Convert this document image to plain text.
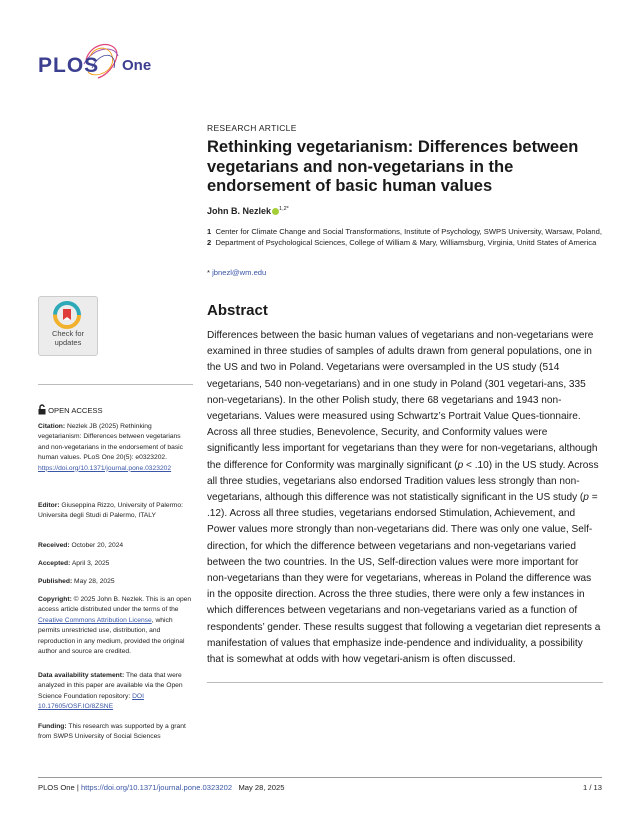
PLOS One
RESEARCH ARTICLE
Rethinking vegetarianism: Differences between vegetarians and non-vegetarians in the endorsement of basic human values
John B. Nezlek $^{1,2*}$
1 Center for Climate Change and Social Transformations, Institute of Psychology, SWPS University, Warsaw, Poland, 2 Department of Psychological Sciences, College of William & Mary, Williamsburg, Virginia, Unitd States of America
* jbnezl@wm.edu
Abstract
Differences between the basic human values of vegetarians and non-vegetarians were examined in three studies of samples of adults drawn from general populations, one in the US and two in Poland. Vegetarians were oversampled in the US study (514 vegetarians, 540 non-vegetarians) and in one study in Poland (301 vegetari-ans, 335 non-vegetarians). In the other Polish study, there 68 vegetarians and 1943 non-vegetarians. Values were measured using Schwartz’s Portrait Value Ques-tionnaire. Across all three studies, Benevolence, Security, and Conformity values were significantly less important for vegetarians than they were for non-vegetarians, although the difference for Conformity was marginally significant (p < .10) in the US study. Across all three studies, vegetarians also endorsed Tradition values less strongly than non-vegetarians, although this difference was not statistically significant in the US study (p = .12). Across all three studies, vegetarians endorsed Stimulation, Achievement, and Power values more strongly than non-vegetarians did. There was only one value, Self-direction, for which the difference between vegetarians and non-vegetarians varied between the two countries. In the US, Self-direction values were more important for non-vegetarians than they were for vegetarians, whereas in Poland the difference was in the opposite direction. Across the three studies, there were only a few instances in which differences between vegetarians and non-vegetarians varied as a function of respondents’ gender. These results suggest that following a vegetarian diet represents a manifestation of values that emphasize inde-pendence and individuality, a possibility that is somewhat at odds with how vegetari-anism is often discussed.
Check for
updates
OPEN ACCESS
Citation: Nezlek JB (2025) Rethinking vegetarianism: Differences between vegetarians and non-vegetarians in the endorsement of basic human values. PLoS One 20(5): e0323202. https://doi.org/10.1371/journal.pone.0323202
Editor: Giuseppina Rizzo, University of Palermo: Universita degli Studi di Palermo, ITALY
Received: October 20, 2024
Accepted: April 3, 2025
Published: May 28, 2025
Copyright: © 2025 John B. Nezlek. This is an open access article distributed under the terms of the Creative Commons Attribution License, which permits unrestricted use, distribution, and reproduction in any medium, provided the original author and source are credited.
Data availability statement: The data that were analyzed in this paper are available via the Open Science Foundation repository: DOI 10.17605/OSF.IO/8ZSNE
Funding: This research was supported by a grant from SWPS University of Social Sciences
PLOS One | https://doi.org/10.1371/journal.pone.0323202 May 28, 2025	1 / 13
